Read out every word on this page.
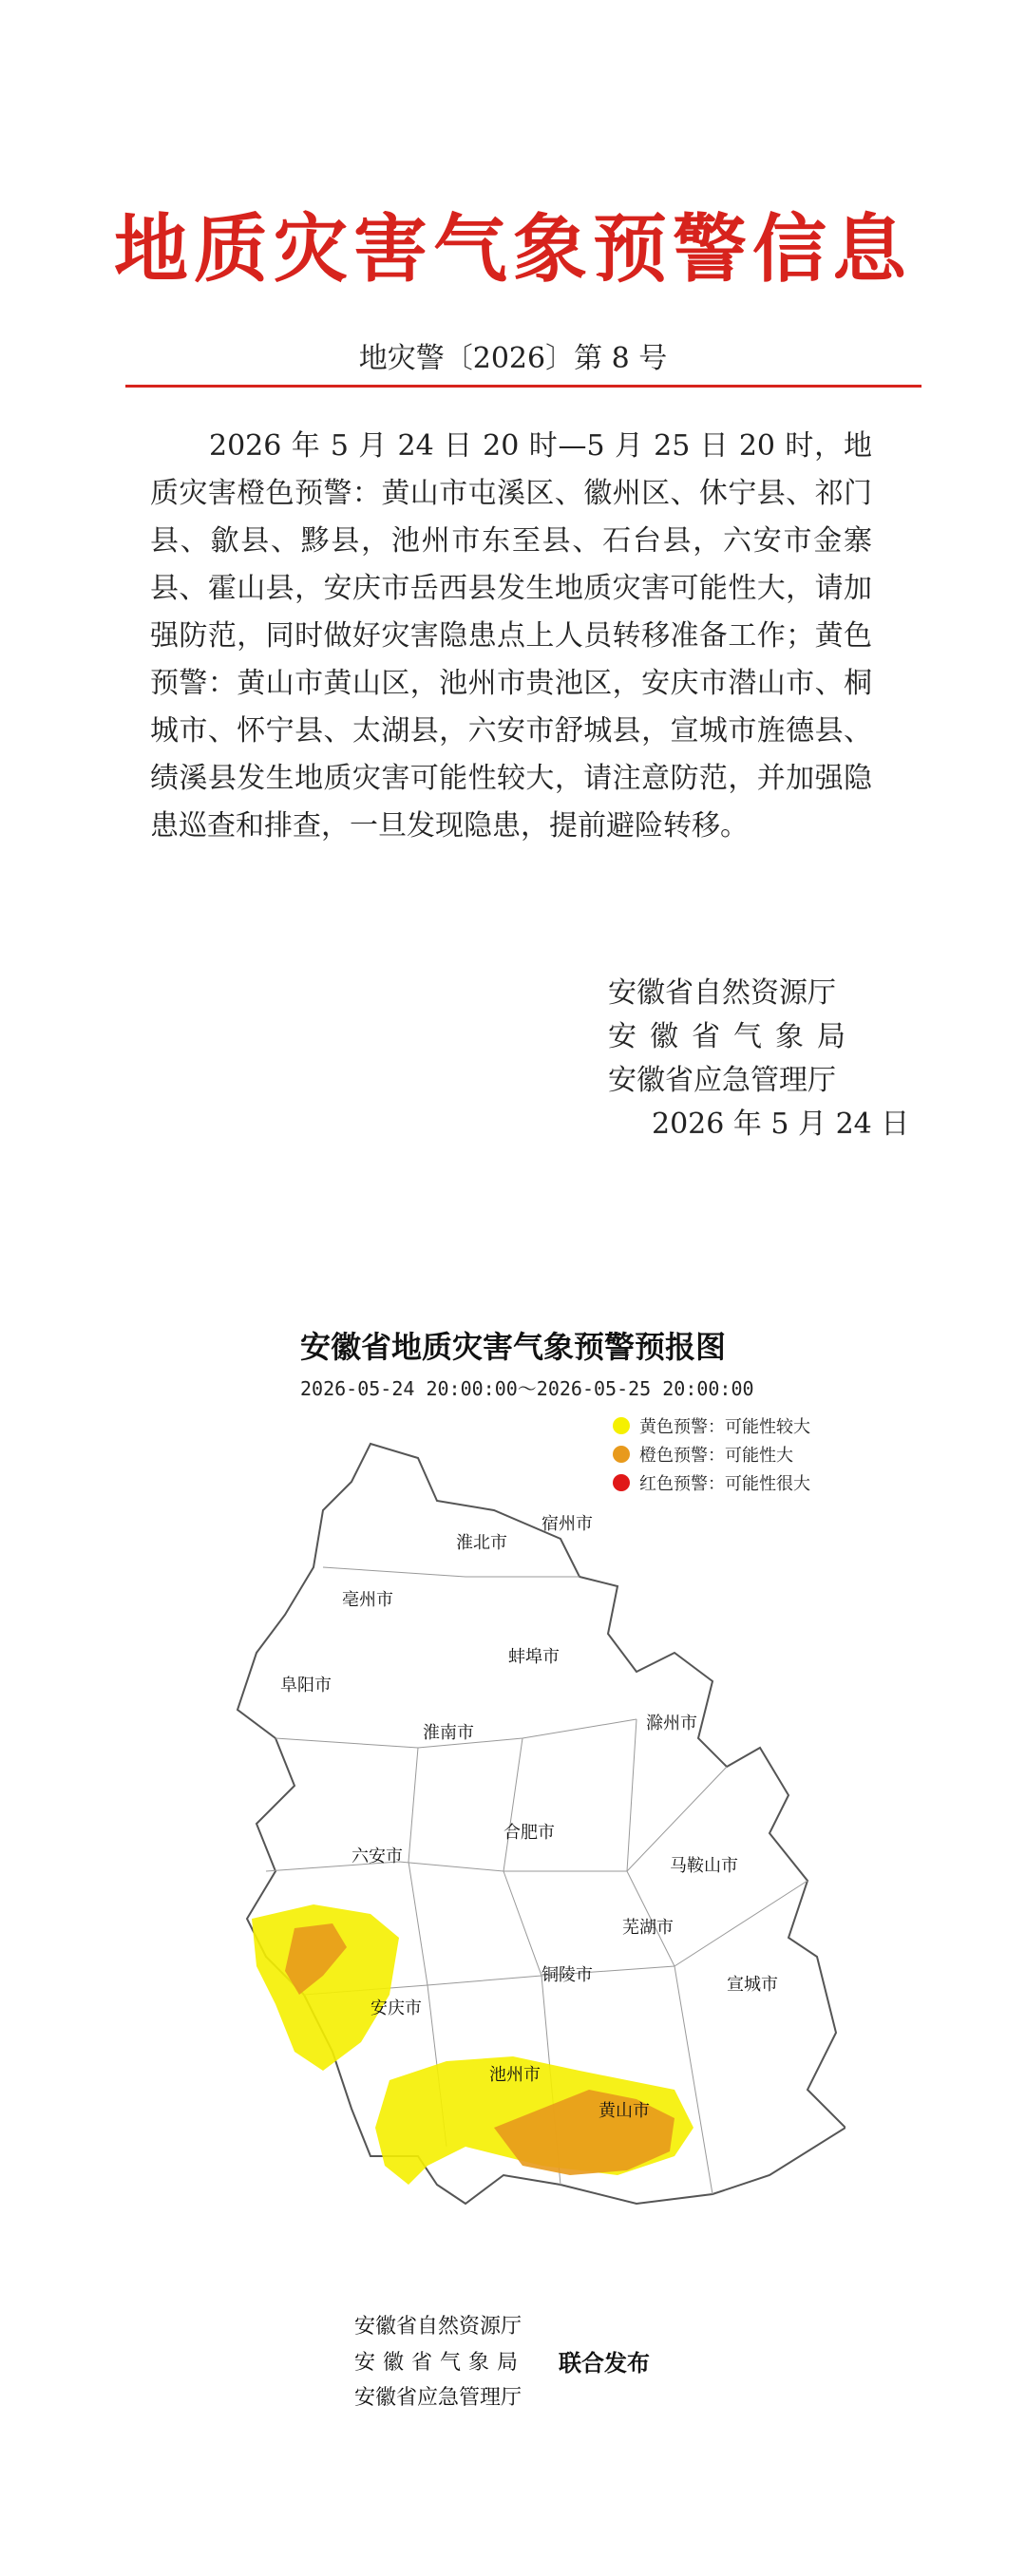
地质灾害气象预警信息
地灾警〔2026〕第 8 号
2026 年 5 月 24 日 20 时—5 月 25 日 20 时，地质灾害橙色预警：黄山市屯溪区、徽州区、休宁县、祁门县、歙县、黟县，池州市东至县、石台县，六安市金寨县、霍山县，安庆市岳西县发生地质灾害可能性大，请加强防范，同时做好灾害隐患点上人员转移准备工作；黄色预警：黄山市黄山区，池州市贵池区，安庆市潜山市、桐城市、怀宁县、太湖县，六安市舒城县，宣城市旌德县、绩溪县发生地质灾害可能性较大，请注意防范，并加强隐患巡查和排查，一旦发现隐患，提前避险转移。
安徽省自然资源厅
安徽省气象局
安徽省应急管理厅
2026 年 5 月 24 日
安徽省地质灾害气象预警预报图
2026-05-24 20:00:00～2026-05-25 20:00:00
黄色预警：可能性较大
橙色预警：可能性大
红色预警：可能性很大
宿州市
淮北市
亳州市
阜阳市
蚌埠市
淮南市	滁州市
六安市
合肥市
马鞍山市
芜湖市
铜陵市
安庆市
宣城市
池州市
黄山市
安徽省自然资源厅
安徽省气象局
安徽省应急管理厅
联合发布
